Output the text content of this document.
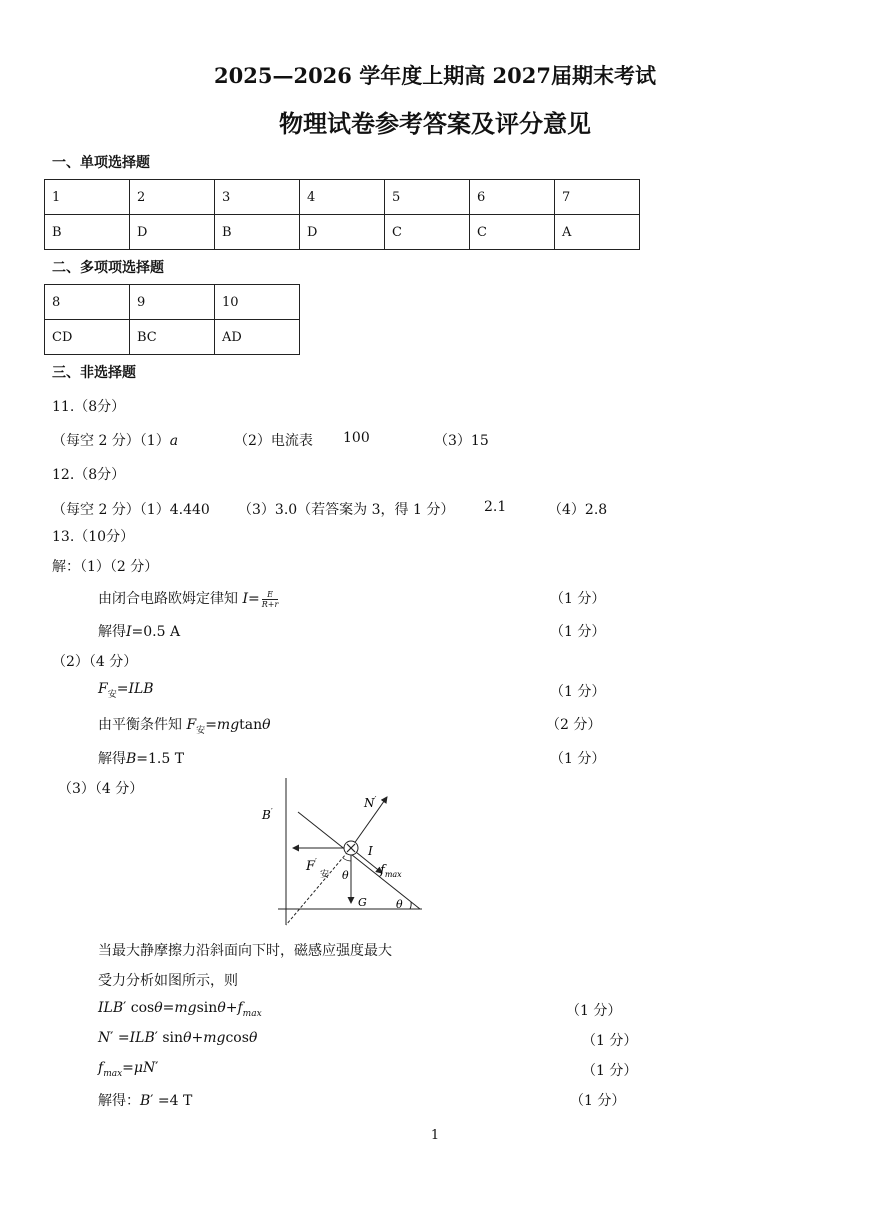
2025—2026 学年度上期高 2027届期末考试
物理试卷参考答案及评分意见
一、单项选择题
1	2	3	4	5	6	7
B	D	B	D	C	C	A
二、多项项选择题
8	9	10
CD	BC	AD
三、非选择题
11.（8分）
（每空 2 分）（1）a	（2）电流表 100	（3）15
12.（8分）
（每空 2 分）（1）4.440 （3）3.0（若答案为 3，得 1 分） 2.1	（4）2.8
13.（10分）
解：（1）（2 分）
由闭合电路欧姆定律知 $I= \frac{E}{R+r}$	（1 分）
解得I=0.5 A	（1 分）
（2）（4 分）
$F_安=ILB$	（1 分）
由平衡条件知 $F_安=mgtan\theta$	（2 分）
解得B=1.5 T	（1 分）
（3）（4 分）
B′
N′
I
F′
安 θ $f_{max}$
G	θ
当最大静摩擦力沿斜面向下时，磁感应强度最大
受力分析如图所示，则
ILB′ $\cos\theta=mgsin\theta+f_{max}$	（1 分）
N′ =ILB′ sinθ+mgcosθ	（1 分）
$f_{max}=\mu N'$	（1 分）
解得：B′ =4 T	（1 分）
1
